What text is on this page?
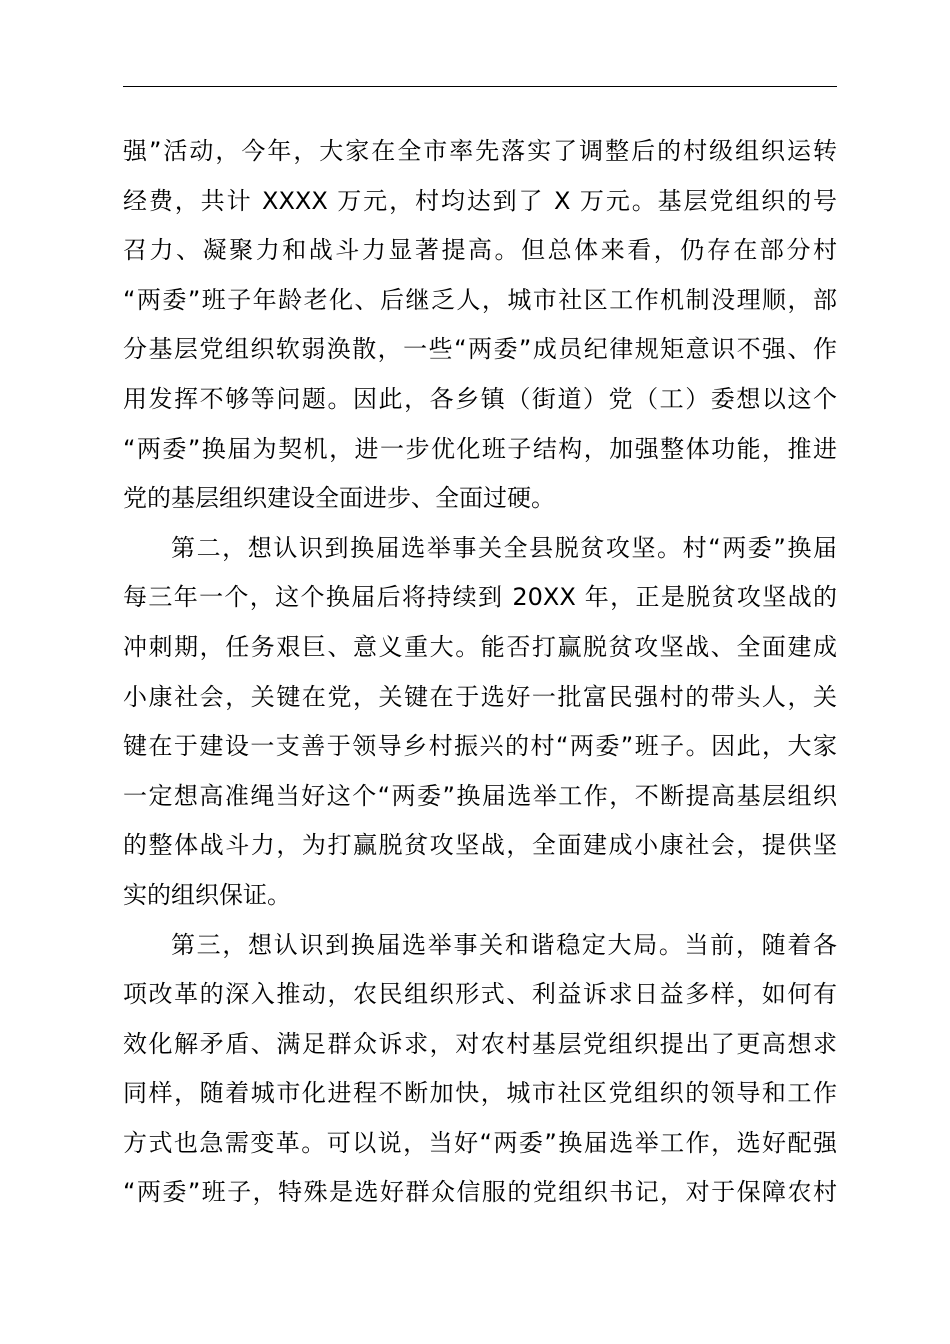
强”活动，今年，大家在全市率先落实了调整后的村级组织运转
经费，共计 XXXX 万元，村均达到了 X 万元。基层党组织的号
召力、凝聚力和战斗力显著提高。但总体来看，仍存在部分村
“两委”班子年龄老化、后继乏人，城市社区工作机制没理顺，部
分基层党组织软弱涣散，一些“两委”成员纪律规矩意识不强、作
用发挥不够等问题。因此，各乡镇（街道）党（工）委想以这个
“两委”换届为契机，进一步优化班子结构，加强整体功能，推进
党的基层组织建设全面进步、全面过硬。
第二，想认识到换届选举事关全县脱贫攻坚。村“两委”换届
每三年一个，这个换届后将持续到 20XX 年，正是脱贫攻坚战的
冲刺期，任务艰巨、意义重大。能否打赢脱贫攻坚战、全面建成
小康社会，关键在党，关键在于选好一批富民强村的带头人，关
键在于建设一支善于领导乡村振兴的村“两委”班子。因此，大家
一定想高准绳当好这个“两委”换届选举工作，不断提高基层组织
的整体战斗力，为打赢脱贫攻坚战，全面建成小康社会，提供坚
实的组织保证。
第三，想认识到换届选举事关和谐稳定大局。当前，随着各
项改革的深入推动，农民组织形式、利益诉求日益多样，如何有
效化解矛盾、满足群众诉求，对农村基层党组织提出了更高想求
同样，随着城市化进程不断加快，城市社区党组织的领导和工作
方式也急需变革。可以说，当好“两委”换届选举工作，选好配强
“两委”班子，特殊是选好群众信服的党组织书记，对于保障农村
